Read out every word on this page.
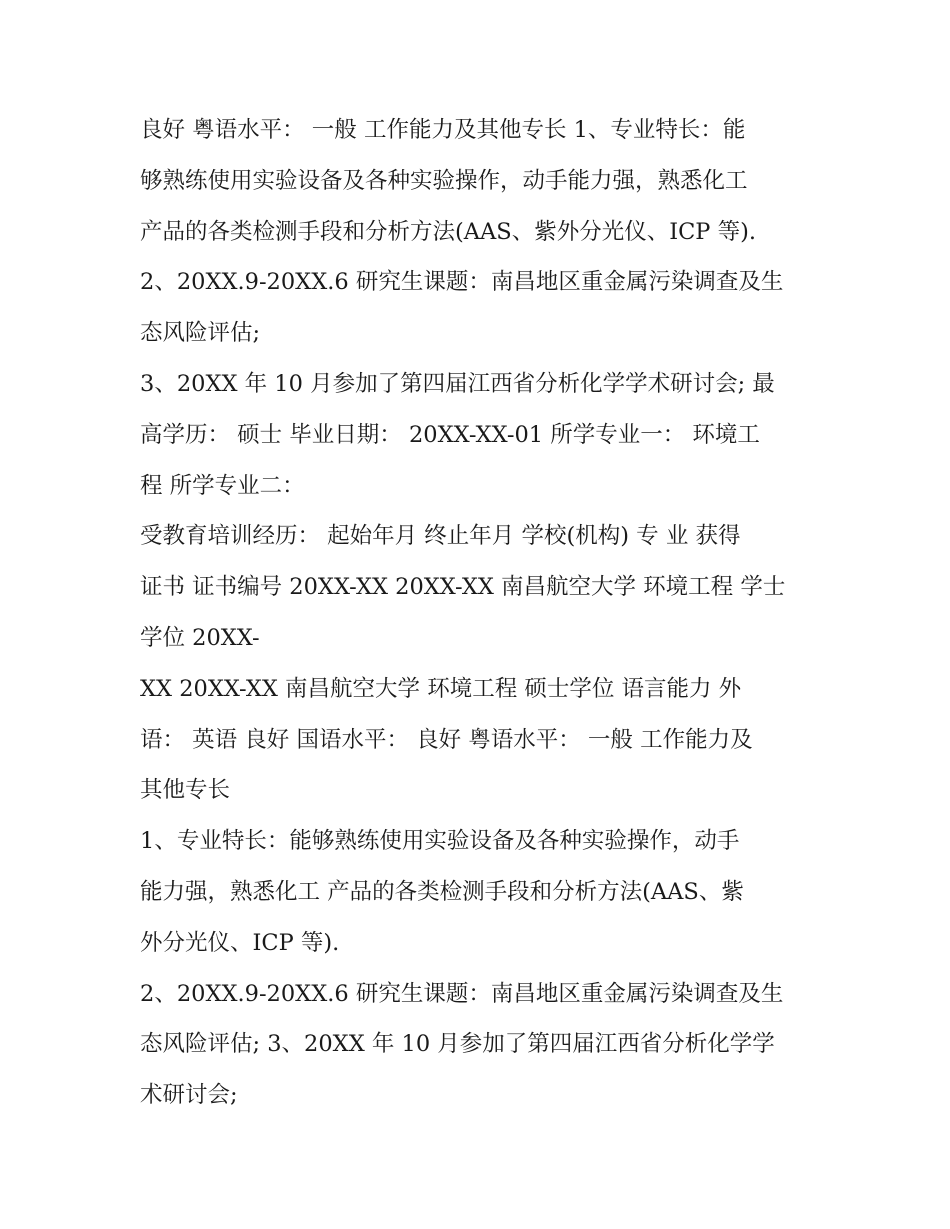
良好 粤语水平： 一般 工作能力及其他专长 1、专业特长：能
够熟练使用实验设备及各种实验操作，动手能力强，熟悉化工
产品的各类检测手段和分析方法(AAS、紫外分光仪、ICP 等).
2、20XX.9-20XX.6 研究生课题：南昌地区重金属污染调查及生
态风险评估;
3、20XX 年 10 月参加了第四届江西省分析化学学术研讨会; 最
高学历： 硕士 毕业日期： 20XX-XX-01 所学专业一： 环境工
程 所学专业二：
受教育培训经历： 起始年月 终止年月 学校(机构) 专 业 获得
证书 证书编号 20XX-XX 20XX-XX 南昌航空大学 环境工程 学士
学位 20XX-
XX 20XX-XX 南昌航空大学 环境工程 硕士学位 语言能力 外
语： 英语 良好 国语水平： 良好 粤语水平： 一般 工作能力及
其他专长
1、专业特长：能够熟练使用实验设备及各种实验操作，动手
能力强，熟悉化工 产品的各类检测手段和分析方法(AAS、紫
外分光仪、ICP 等).
2、20XX.9-20XX.6 研究生课题：南昌地区重金属污染调查及生
态风险评估; 3、20XX 年 10 月参加了第四届江西省分析化学学
术研讨会;
